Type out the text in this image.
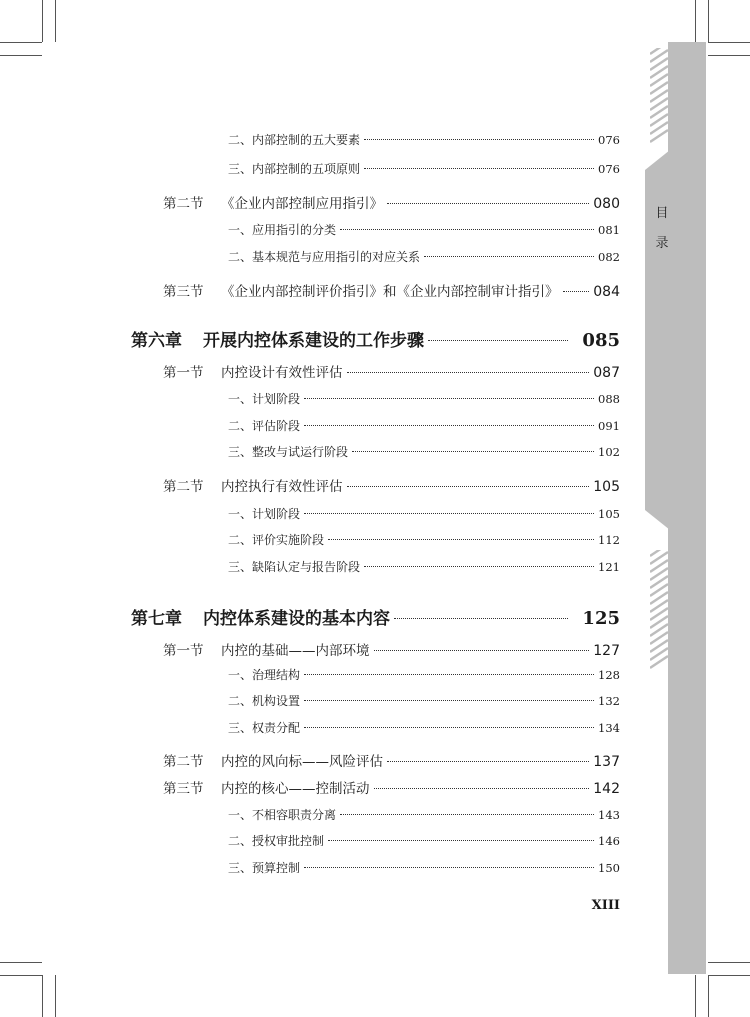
目
录
二、内部控制的五大要素	076
三、内部控制的五项原则	076
第二节 《企业内部控制应用指引》	080
一、应用指引的分类	081
二、基本规范与应用指引的对应关系	082
第三节 《企业内部控制评价指引》和《企业内部控制审计指引》 084
第六章 开展内控体系建设的工作步骤	085
第一节 内控设计有效性评估	087
一、计划阶段	088
二、评估阶段	091
三、整改与试运行阶段	102
第二节 内控执行有效性评估	105
一、计划阶段	105
二、评价实施阶段	112
三、缺陷认定与报告阶段	121
第七章 内控体系建设的基本内容	125
第一节 内控的基础——内部环境	127
一、治理结构	128
二、机构设置	132
三、权责分配	134
第二节 内控的风向标——风险评估	137
第三节 内控的核心——控制活动	142
一、不相容职责分离	143
二、授权审批控制	146
三、预算控制	150
XIII
